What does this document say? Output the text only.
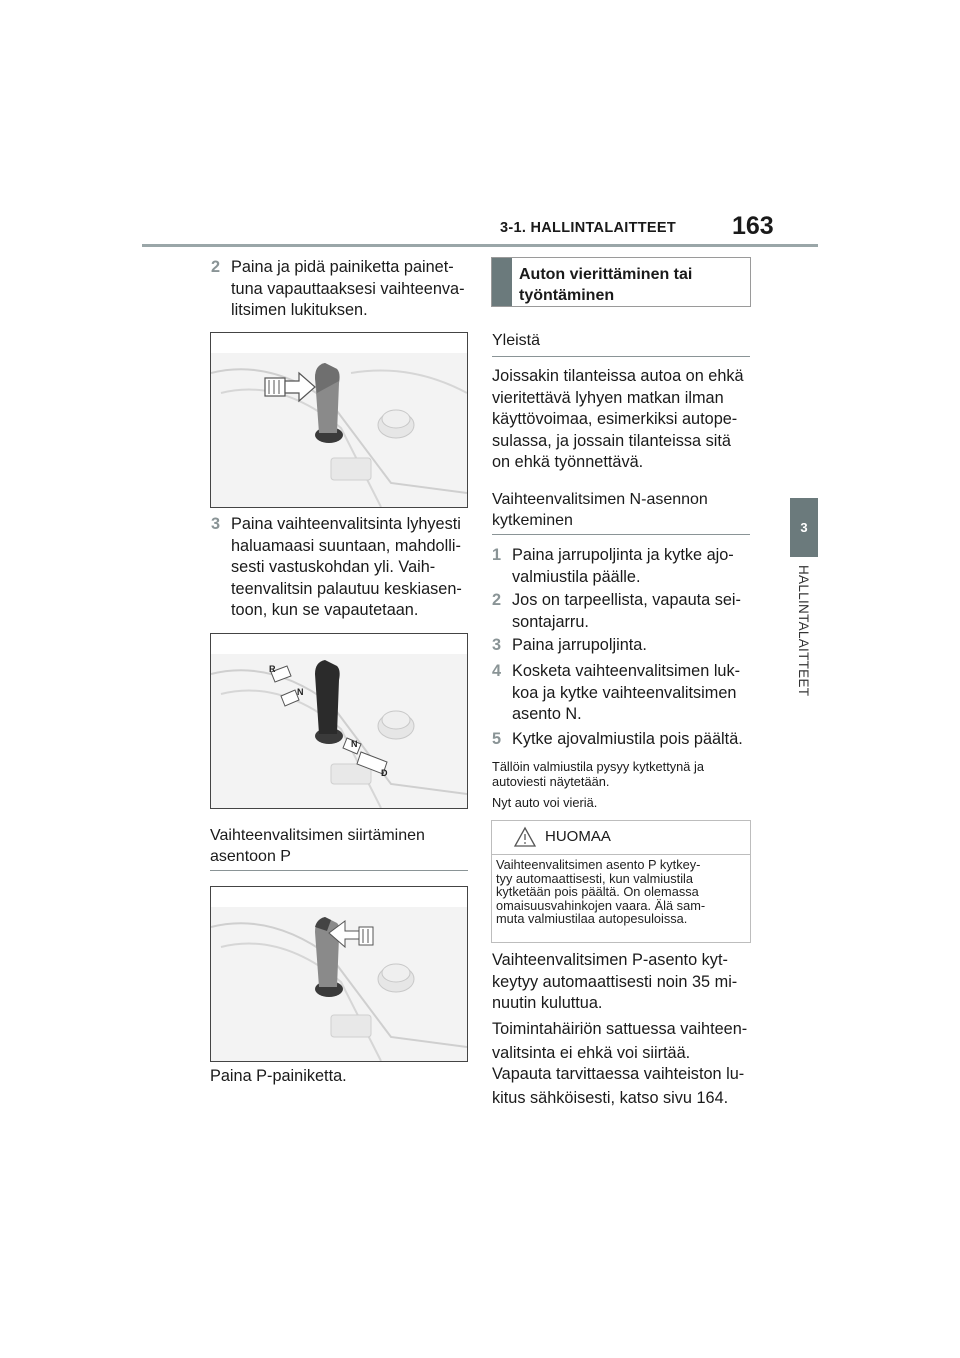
3-1. HALLINTALAITTEET 163
3
HALLINTALAITTEET
2 Paina ja pidä painiketta painet-
tuna vapauttaaksesi vaihteenva-
litsimen lukituksen.
3 Paina vaihteenvalitsinta lyhyesti
haluamaasi suuntaan, mahdolli-
sesti vastuskohdan yli. Vaih-
teenvalitsin palautuu keskiasen-
toon, kun se vapautetaan.
R
N
N
D
Vaihteenvalitsimen siirtäminen
asentoon P
Paina P-painiketta.
Auton vierittäminen tai
työntäminen
Yleistä
Joissakin tilanteissa autoa on ehkä
vieritettävä lyhyen matkan ilman
käyttövoimaa, esimerkiksi autope-
sulassa, ja jossain tilanteissa sitä
on ehkä työnnettävä.
Vaihteenvalitsimen N-asennon
kytkeminen
1 Paina jarrupoljinta ja kytke ajo-
valmiustila päälle.
2 Jos on tarpeellista, vapauta sei-
sontajarru.
3 Paina jarrupoljinta.
4 Kosketa vaihteenvalitsimen luk-
koa ja kytke vaihteenvalitsimen
asento N.
5 Kytke ajovalmiustila pois päältä.
Tällöin valmiustila pysyy kytkettynä ja
autoviesti näytetään.
Nyt auto voi vieriä.
HUOMAA
Vaihteenvalitsimen asento P kytkey-
tyy automaattisesti, kun valmiustila
kytketään pois päältä. On olemassa
omaisuusvahinkojen vaara. Älä sam-
muta valmiustilaa autopesuloissa.
Vaihteenvalitsimen P-asento kyt-
keytyy automaattisesti noin 35 mi-
nuutin kuluttua.
Toimintahäiriön sattuessa vaihteen-
valitsinta ei ehkä voi siirtää.
Vapauta tarvittaessa vaihteiston lu-
kitus sähköisesti, katso sivu 164.
